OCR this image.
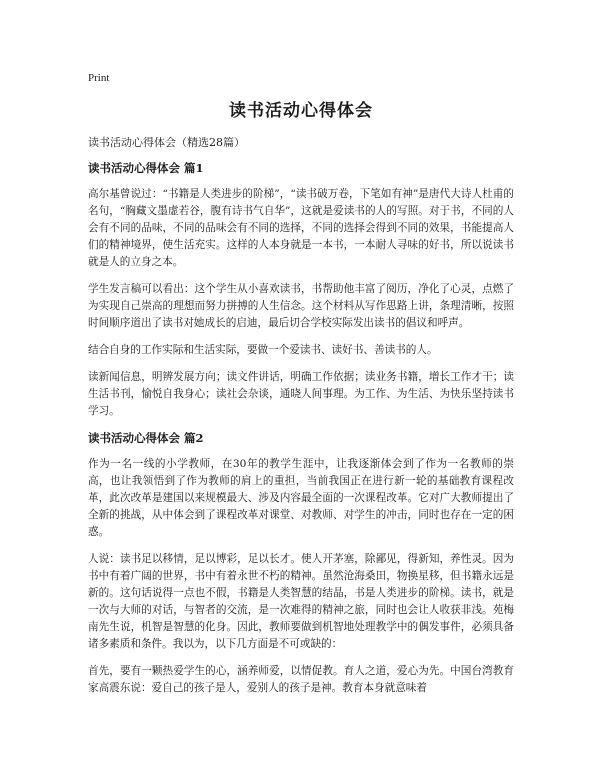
Print
读书活动心得体会
读书活动心得体会（精选28篇）
读书活动心得体会 篇1

高尔基曾说过：“书籍是人类进步的阶梯”，“读书破万卷，下笔如有神”是唐代大诗人杜甫的名句，“胸藏文墨虚若谷，腹有诗书气自华”，这就是爱读书的人的写照。对于书，不同的人会有不同的品味，不同的品味会有不同的选择，不同的选择会得到不同的效果，书能提高人们的精神境界，使生活充实。这样的人本身就是一本书，一本耐人寻味的好书，所以说读书就是人的立身之本。

学生发言稿可以看出：这个学生从小喜欢读书，书帮助他丰富了阅历，净化了心灵，点燃了为实现自己崇高的理想而努力拼搏的人生信念。这个材料从写作思路上讲，条理清晰，按照时间顺序道出了读书对她成长的启迪，最后切合学校实际发出读书的倡议和呼声。

结合自身的工作实际和生活实际，要做一个爱读书、读好书、善读书的人。

读新闻信息，明辨发展方向；读文件讲话，明确工作依据；读业务书籍，增长工作才干；读生活书刊，愉悦自我身心；读社会杂谈，通晓人间事理。为工作、为生活、为快乐坚持读书学习。

读书活动心得体会 篇2

作为一名一线的小学教师，在30年的教学生涯中，让我逐渐体会到了作为一名教师的崇高，也让我领悟到了作为教师的肩上的重担，当前我国正在进行新一轮的基础教育课程改革，此次改革是建国以来规模最大、涉及内容最全面的一次课程改革。它对广大教师提出了全新的挑战，从中体会到了课程改革对课堂、对教师、对学生的冲击，同时也存在一定的困惑。

人说：读书足以移情，足以博彩，足以长才。使人开茅塞，除鄙见，得新知，养性灵。因为书中有着广阔的世界，书中有着永世不朽的精神。虽然沧海桑田，物换星移，但书籍永远是新的。这句话说得一点也不假，书籍是人类智慧的结晶，书是人类进步的阶梯。读书，就是一次与大师的对话，与智者的交流，是一次难得的精神之旅，同时也会让人收获非浅。苑梅南先生说，机智是智慧的化身。因此，教师要做到机智地处理教学中的偶发事件，必须具备诸多素质和条件。我以为，以下几方面是不可或缺的：

首先，要有一颗热爱学生的心，涵养师爱，以情促教。育人之道，爱心为先。中国台湾教育家高震东说：爱自己的孩子是人，爱别人的孩子是神。教育本身就意味着
